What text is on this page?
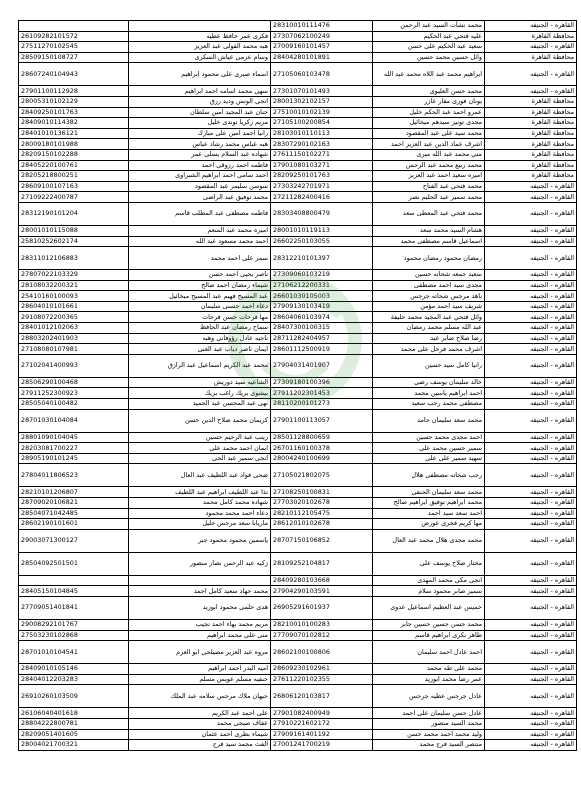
		28310010111476	محمد نشأت السيد عبد الرحمن	القاهره - الجنيفه
26109282101572	فكرى عمر حافظ عطيه	27307062100249	عليه فتحي عبد الحكيم	محافظة القاهرة
27511270102545	هبه محمد الفولى عبد العزيز	27009160101457	سعيد عبد الحكيم على حسن	القاهره - الجنيفه
28509150108727	وسام عزمى عياش السكرى	28404280101891	وائل حسين محمد حسين	محافظة القاهرة
28607240104943	اسماء صبرى على محمود ابراهيم	27105060103478	ابراهيم محمد عبد اللاه محمد عبد الله	القاهره - الجنيفه
27901100112928	سهى محمد اسامه احمد ابراهيم	27301070101493	محمد حسن العليوى	القاهره - الجنيفه
28005310102129	انجى الونس وديد رزق	28001302102157	يونان فوزى مقار عازر	محافظة القاهرة
28409250101763	جنان عبد المجيد امين سلطان	27510010102139	عمرو احمد عبد الحكم خليل	محافظة القاهرة
28409010114382	مريم زكريا توندى خليل	27105100200854	مجدى تونيز سيدهم ميخائيل	محافظة القاهرة
28401010136121	رانيا احمد امين على مبارك	28103010110113	محمد سيد على عبد المقصود	محافظة القاهرة
28009180101988	هبه عباس محمد رشاد عباس	28307290102163	اشرف عماد الدين عبد العزيز احمد	محافظة القاهرة
28209150102288	شهاده عبد السلام يسلى عمر	27611150102271	منى محمد عبد الله ميرى	محافظة القاهرة
28405220100761	فاطمه احمد رزوقى احمد	27901080103271	محمد ربيع محمد عبد الرحمن	محافظة القاهرة
28205218800251	احمد سامى احمد ابراهيم الشبراوى	28209250101763	اميره سعيد احمد عبد العزيز	محافظة القاهرة
28609100107163	سوسن سليمر عبد المقصود	27303242701971	محمد فتحي عبد الفتاح	القاهره - الجنيفه
27109222400787	محمد توفيق عبد الراضى	27211282400416	محمد سمير عبد الحليم نصر	القاهره - الجنيفه
28312190101204	فاطمه مصطفى عبد المطلب قاسم	28303408800479	محمد فتحي عبد المعطى سعد	القاهره - الجنيفه
28001010115088	اميره محمد عبد المنعم	28001010119113	هشام السيد محمد سعد	القاهره - الجنيفه
25810252602174	احمد محمد مسعود عبد الله	26602250103055	اسماعيل قاسم مصطفى محمد	القاهره - الجنيفه
28311012106883	سمر على احمد محمد	28312210101397	رمضان محمود رمضان محمود	القاهره - الجنيفه
27807022103329	ناصر يحيى احمد حسن	27309060103219	سعيد جمعه شحاته حسين	القاهره - الجنيفه
28108032200321	شيماء رمضان احمد صالح	27106212200331	مجدى سيد احمد مصطفى	القاهره - الجنيفه
25410160100093	عبد المسيح فهيم عبد المسيح ميخائيل	26601030105003	ناهد مرجس شحاته جرجس	القاهره - الجنيفه
28604010101661	دعاء احمد حسنى سليمان	27909130103419	شريف سيد احمد مؤمن	القاهره - الجنيفه
29108072200365	مها فرحات حسن فرحات	28604060103974	وائل فتحي عبد المجيد محمد حليفة	القاهره - الجنيفه
28401012102063	سماح رمضان عبد الحافظ	28407300100315	عبد الله مسلم محمد رمضان	القاهره - الجنيفه
28803202401903	ناجيه عادل رؤوفانى وهبه	28711282404957	رضا صلاح صابر عيد	القاهره - الجنيفه
27108080107981	ايمان ناصر دياب عبد الغنى	28601112500919	اشرف محمد فرحل على محمد	القاهره - الجنيفه
27102041400993	محمد عبد الكريم اسماعيل عبد الرازق	27904031401907	رانيا كامل سيد حسين	القاهره - الجنيفه
28506290100468	الشاعيه سيد دوريش	27309180100396	خالد سليمان يوسف رضى	القاهره - الجنيفه
27911252300923	بيشوى بريك راغب بريك	27911202301453	احمد ابراهيم ياسين محمد	القاهره - الجنيفه
28505040100482	نهى عبد المحسن عبد الحميد	28110200101273	مصطفى محمد رجب سعيد	القاهره - الجنيفه
28701030104084	كريمان محمد صلاح الدين حسن	27901100113057	محمد سعد سليمان حامد	القاهره - الجنيفه
28801090104045	زينب عبد الرحيم حسين	28501128800659	احمد مجدى محمد حسين	القاهره - الجنيفه
28203081700227	ايمان احمد محمد على	26701160100378	سمير حسين محمد على	القاهره - الجنيفه
28905190101245	انجى سمير عبد الحى	28004240100699	سهيد سمير على على	القاهره - الجنيفه
27804011806523	ضحى فواد عبد اللطيف عبد العال	27105021802075	رجب شحاته مصطفى هلال	القاهره - الجنيفه
28210101206807	نذا عبد اللطيف ابراهيم عبد اللطيف	27108250100831	محمد سعد سليمان الحنفى	القاهره - الجنيفه
28709020106821	شهاده محمد كامل محمد	27703020102678	محمد ابراهيم توفيق ابراهيم صالح	القاهره - الجنيفه
28504071042485	دعاء احمد محمد محمود	28210112105475	احمد سعد سيد احمد	القاهره - الجنيفه
28602190101601	ماريانا سعد مرجس خليل	28612010102678	مها كريم فخرى عورض	القاهره - الجنيفه
29003071300127	ياسمين محمود محمود جبر	28707150106852	محمد مجدى هلال محمد عبد العال	القاهره - الجنيفه
28504092501501	زكيه عبد الرحمن نصار منصور	28109252104817	مختار صلاح يوسف على	القاهره - الجنيفه
		28409280103668	انجى مكى محمد المهدى	القاهره - الجنيفه
28405150104845	محمد جهاد سعيد كامل احمد	27904290103591	سمير صابر محمود سلام	القاهره - الجنيفه
27709051401841	هدى حلمى محمود ابوزيد	26905291601937	خميس عبد العظيم اسماعيل عدوى	القاهره - الجنيفه
29008292101767	مريم محمد بهاء احمد نجيب	28210010100283	محمد حسن حسين حسين جابر	القاهره - الجنيفه
27503230102868	منى على محمد ابراهيم	27709070102812	طاهر بكرى ابراهيم قاسم	القاهره - الجنيفه
28701010104541	مروه عبد العزيز مصيلحى ابو العزم	28602100100806	احمد عادل احمد سليمان	القاهره - الجنيفه
28409010105146	اميه البدر احمد ابراهيم	28609230102961	محمد على طه محمد	القاهره - الجنيفه
28404012203283	حنفيه مسلم عويس مسلم	27611220102355	عمر رضا محمد ابوزيد	القاهره - الجنيفه
26910260103509	جيهان ملاك مرجس سلامه عبد الملك	26806120103817	عادل جرجس عطيه جرجس	القاهره - الجنيفه
26106040401618	على احمد عبد الكريم	27901082400949	عادل حسن سليمان على احمد	القاهره - الجنيفه
28804222800781	عفاف صبحى محمد	27910221602172	محمد السيد منصور	القاهره - الجنيفه
28209051401605	شيماء بطرى احمد عثمان	27909161401192	وليد محمد احمد محمد حسن	القاهره - الجنيفه
28004021700321	الفت محمد سيد فرج	27001241700219	منتصر السيد فرج محمد	القاهره - الجنيفه
